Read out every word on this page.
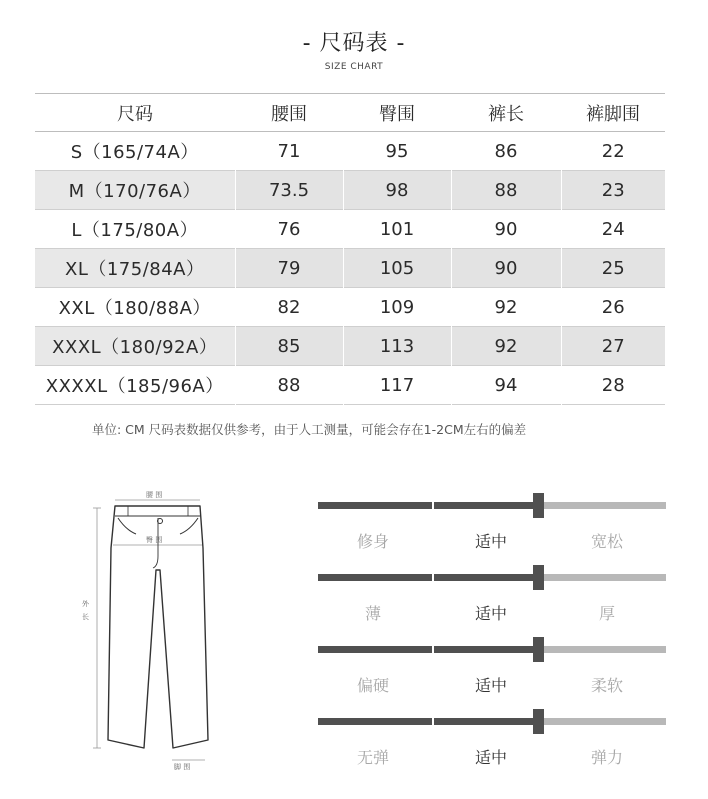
- 尺码表 -
SIZE CHART
尺码	腰围	臀围	裤长	裤脚围
S（165/74A）	71	95	86	22
M（170/76A）	73.5	98	88	23
L（175/80A）	76	101	90	24
XL（175/84A）	79	105	90	25
XXL（180/88A）	82	109	92	26
XXXL（180/92A）	85	113	92	27
XXXXL（185/96A）	88	117	94	28
单位: CM 尺码表数据仅供参考，由于人工测量，可能会存在1-2CM左右的偏差
腰 围
臀 围
外 长
脚 围
修身	适中	宽松
薄	适中	厚
偏硬	适中	柔软
无弹	适中	弹力
